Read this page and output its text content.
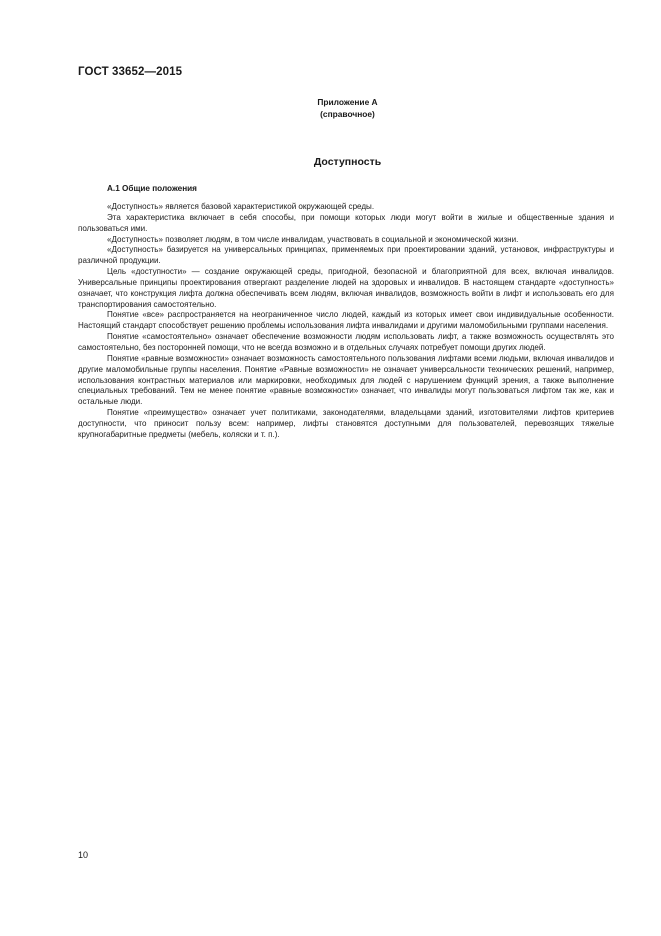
ГОСТ 33652—2015
Приложение А
(справочное)
Доступность
А.1 Общие положения

«Доступность» является базовой характеристикой окружающей среды.

Эта характеристика включает в себя способы, при помощи которых люди могут войти в жилые и общественные здания и пользоваться ими.

«Доступность» позволяет людям, в том числе инвалидам, участвовать в социальной и экономической жизни.

«Доступность» базируется на универсальных принципах, применяемых при проектировании зданий, установок, инфраструктуры и различной продукции.

Цель «доступности» — создание окружающей среды, пригодной, безопасной и благоприятной для всех, включая инвалидов. Универсальные принципы проектирования отвергают разделение людей на здоровых и инвалидов. В настоящем стандарте «доступность» означает, что конструкция лифта должна обеспечивать всем людям, включая инвалидов, возможность войти в лифт и использовать его для транспортирования самостоятельно.

Понятие «все» распространяется на неограниченное число людей, каждый из которых имеет свои индивидуальные особенности. Настоящий стандарт способствует решению проблемы использования лифта инвалидами и другими маломобильными группами населения.

Понятие «самостоятельно» означает обеспечение возможности людям использовать лифт, а также возможность осуществлять это самостоятельно, без посторонней помощи, что не всегда возможно и в отдельных случаях потребует помощи других людей.

Понятие «равные возможности» означает возможность самостоятельного пользования лифтами всеми людьми, включая инвалидов и другие маломобильные группы населения. Понятие «Равные возможности» не означает универсальности технических решений, например, использования контрастных материалов или маркировки, необходимых для людей с нарушением функций зрения, а также выполнение специальных требований. Тем не менее понятие «равные возможности» означает, что инвалиды могут пользоваться лифтом так же, как и остальные люди.

Понятие «преимущество» означает учет политиками, законодателями, владельцами зданий, изготовителями лифтов критериев доступности, что приносит пользу всем: например, лифты становятся доступными для пользователей, перевозящих тяжелые крупногабаритные предметы (мебель, коляски и т. п.).

10
